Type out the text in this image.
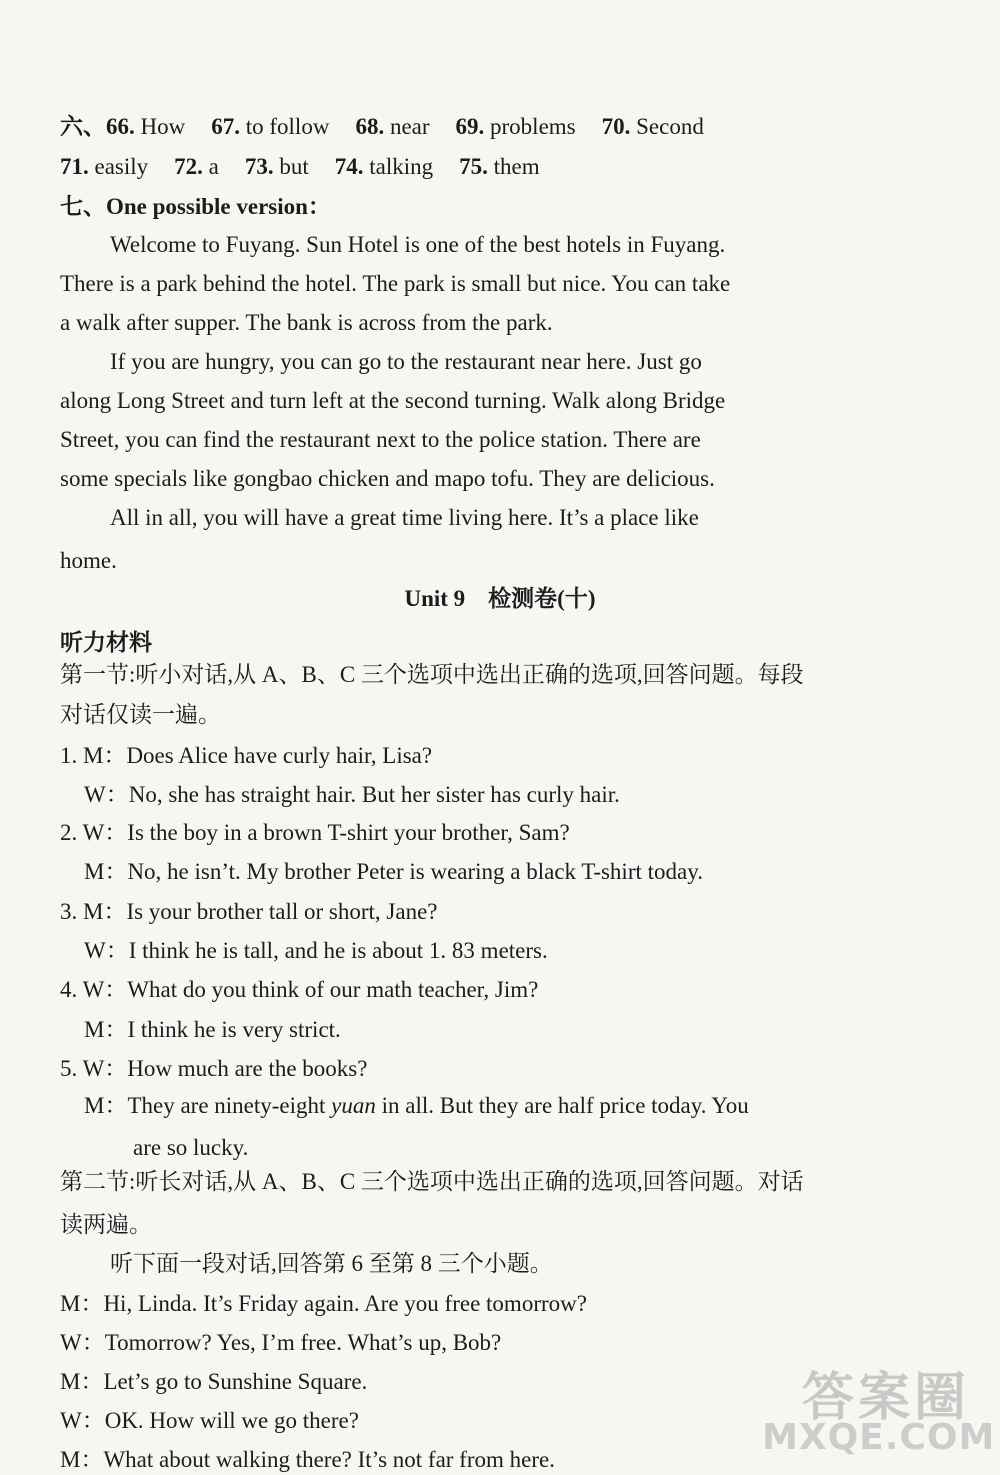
六、66. How 67. to follow 68. near 69. problems 70. Second
71. easily 72. a 73. but 74. talking 75. them
七、One possible version：
Welcome to Fuyang. Sun Hotel is one of the best hotels in Fuyang.
There is a park behind the hotel. The park is small but nice. You can take
a walk after supper. The bank is across from the park.
If you are hungry, you can go to the restaurant near here. Just go
along Long Street and turn left at the second turning. Walk along Bridge
Street, you can find the restaurant next to the police station. There are
some specials like gongbao chicken and mapo tofu. They are delicious.
All in all, you will have a great time living here. It’s a place like
home.
Unit 9    检测卷(十)
听力材料
第一节:听小对话,从 A、B、C 三个选项中选出正确的选项,回答问题。每段
对话仅读一遍。
1. M：Does Alice have curly hair, Lisa?
W：No, she has straight hair. But her sister has curly hair.
2. W：Is the boy in a brown T-shirt your brother, Sam?
M：No, he isn’t. My brother Peter is wearing a black T-shirt today.
3. M：Is your brother tall or short, Jane?
W：I think he is tall, and he is about 1. 83 meters.
4. W：What do you think of our math teacher, Jim?
M：I think he is very strict.
5. W：How much are the books?
M：They are ninety-eight yuan in all. But they are half price today. You
are so lucky.
第二节:听长对话,从 A、B、C 三个选项中选出正确的选项,回答问题。对话
读两遍。
听下面一段对话,回答第 6 至第 8 三个小题。
M：Hi, Linda. It’s Friday again. Are you free tomorrow?
W：Tomorrow? Yes, I’m free. What’s up, Bob?
M：Let’s go to Sunshine Square.
W：OK. How will we go there?
M：What about walking there? It’s not far from here.
答案圈
MXQE.COM
